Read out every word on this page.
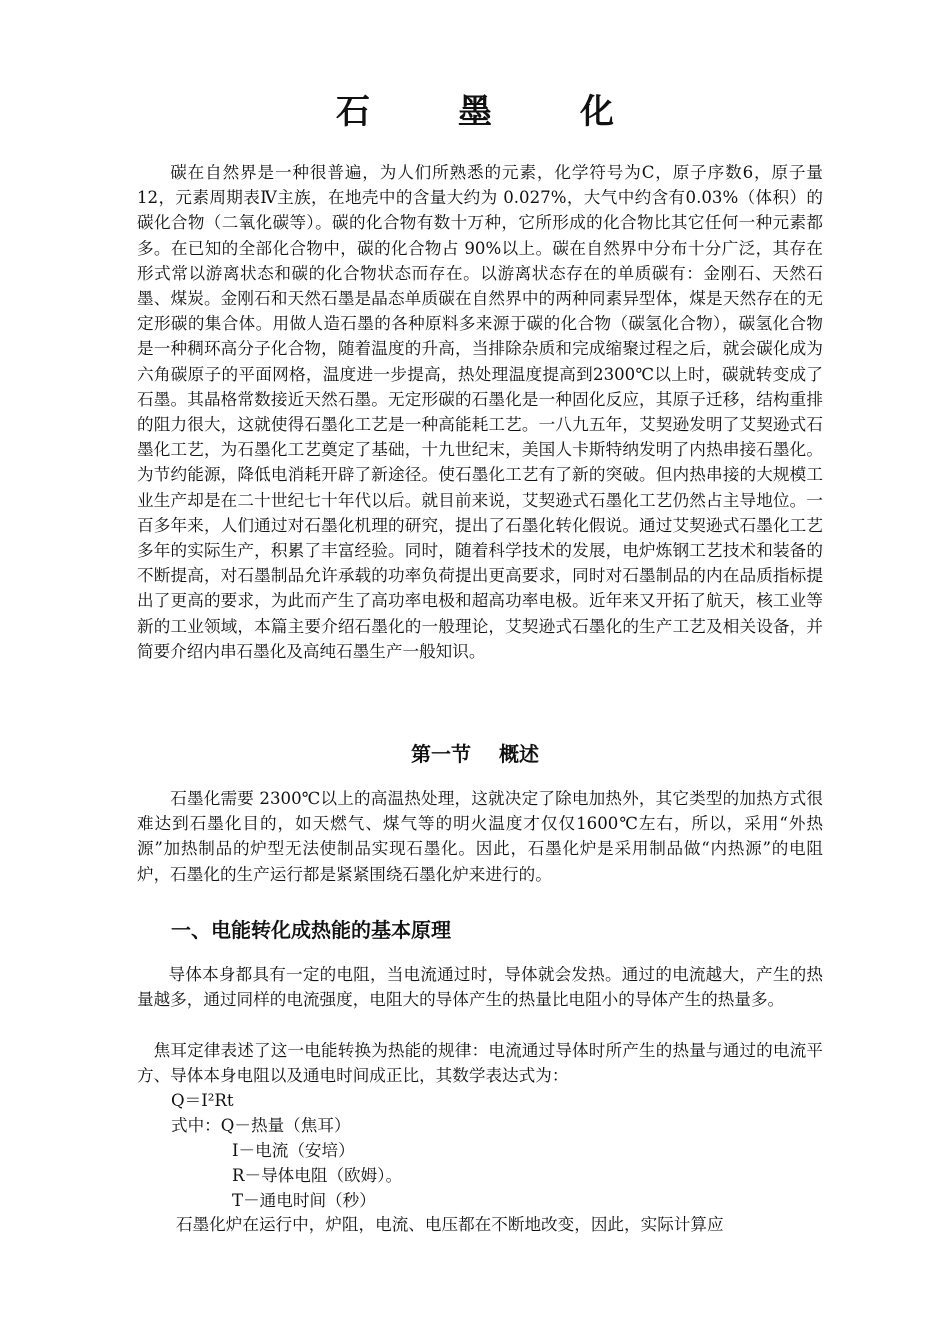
石	墨	化

碳在自然界是一种很普遍，为人们所熟悉的元素，化学符号为C，原子序数6，原子量 12，元素周期表Ⅳ主族，在地壳中的含量大约为 0.027%，大气中约含有0.03%（体积）的碳化合物（二氧化碳等）。碳的化合物有数十万种，它所形成的化合物比其它任何一种元素都多。在已知的全部化合物中，碳的化合物占 90%以上。碳在自然界中分布十分广泛，其存在形式常以游离状态和碳的化合物状态而存在。以游离状态存在的单质碳有：金刚石、天然石墨、煤炭。金刚石和天然石墨是晶态单质碳在自然界中的两种同素异型体，煤是天然存在的无定形碳的集合体。用做人造石墨的各种原料多来源于碳的化合物（碳氢化合物），碳氢化合物是一种稠环高分子化合物，随着温度的升高，当排除杂质和完成缩聚过程之后，就会碳化成为六角碳原子的平面网格，温度进一步提高，热处理温度提高到2300℃以上时，碳就转变成了石墨。其晶格常数接近天然石墨。无定形碳的石墨化是一种固化反应，其原子迁移，结构重排的阻力很大，这就使得石墨化工艺是一种高能耗工艺。一八九五年，艾契逊发明了艾契逊式石墨化工艺，为石墨化工艺奠定了基础，十九世纪末，美国人卡斯特纳发明了内热串接石墨化。为节约能源，降低电消耗开辟了新途径。使石墨化工艺有了新的突破。但内热串接的大规模工业生产却是在二十世纪七十年代以后。就目前来说，艾契逊式石墨化工艺仍然占主导地位。一百多年来，人们通过对石墨化机理的研究，提出了石墨化转化假说。通过艾契逊式石墨化工艺多年的实际生产，积累了丰富经验。同时，随着科学技术的发展，电炉炼钢工艺技术和装备的不断提高，对石墨制品允许承载的功率负荷提出更高要求，同时对石墨制品的内在品质指标提出了更高的要求，为此而产生了高功率电极和超高功率电极。近年来又开拓了航天，核工业等新的工业领域，本篇主要介绍石墨化的一般理论，艾契逊式石墨化的生产工艺及相关设备，并简要介绍内串石墨化及高纯石墨生产一般知识。

第一节 概述

石墨化需要 2300℃以上的高温热处理，这就决定了除电加热外，其它类型的加热方式很难达到石墨化目的，如天燃气、煤气等的明火温度才仅仅1600℃左右，所以，采用“外热源”加热制品的炉型无法使制品实现石墨化。因此，石墨化炉是采用制品做“内热源”的电阻炉，石墨化的生产运行都是紧紧围绕石墨化炉来进行的。

一、电能转化成热能的基本原理

导体本身都具有一定的电阻，当电流通过时，导体就会发热。通过的电流越大，产生的热量越多，通过同样的电流强度，电阻大的导体产生的热量比电阻小的导体产生的热量多。

焦耳定律表述了这一电能转换为热能的规律：电流通过导体时所产生的热量与通过的电流平方、导体本身电阻以及通电时间成正比，其数学表达式为：

Q＝I²Rt
式中：Q－热量（焦耳）
I－电流（安培）
R－导体电阻（欧姆）。
T－通电时间（秒）

石墨化炉在运行中，炉阻，电流、电压都在不断地改变，因此，实际计算应
